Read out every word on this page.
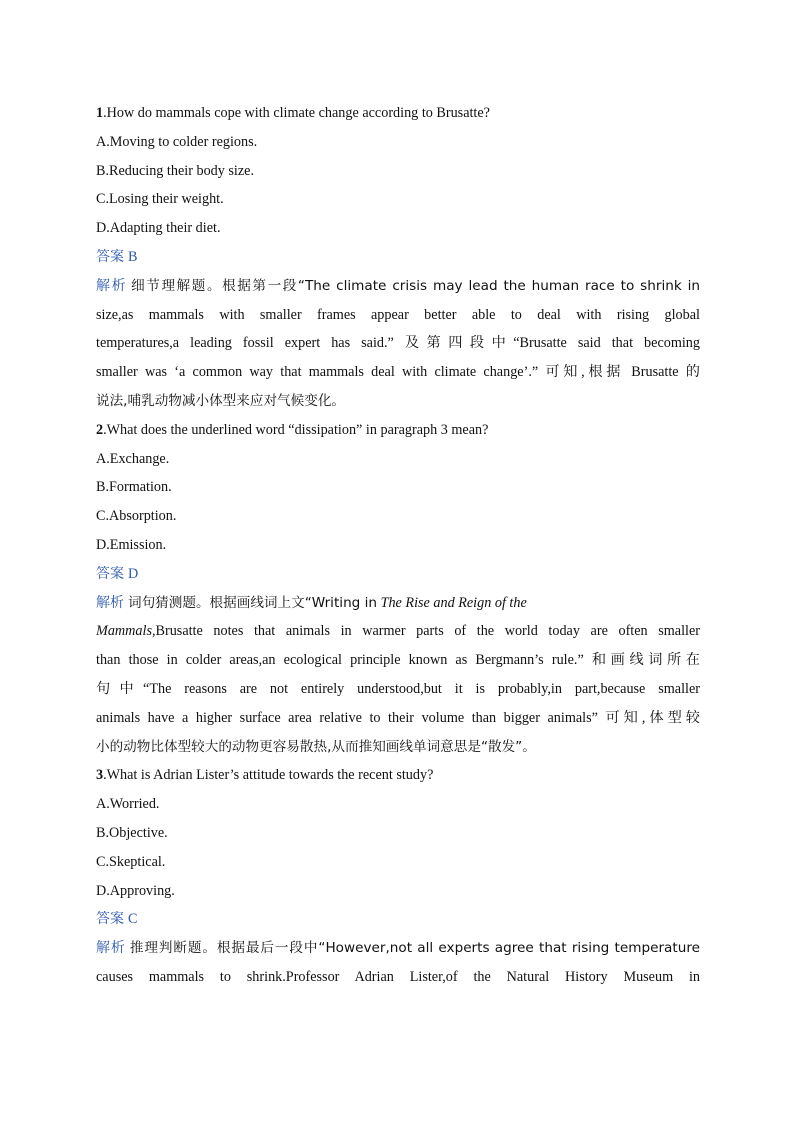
1.How do mammals cope with climate change according to Brusatte?
A.Moving to colder regions.
B.Reducing their body size.
C.Losing their weight.
D.Adapting their diet.
答案 B
解析 细节理解题。根据第一段“The climate crisis may lead the human race to shrink in
size,as mammals with smaller frames appear better able to deal with rising global
temperatures,a leading fossil expert has said.” 及第四段中“Brusatte said that becoming
smaller was ‘a common way that mammals deal with climate change’.” 可知,根据 Brusatte 的
说法,哺乳动物减小体型来应对气候变化。
2.What does the underlined word “dissipation” in paragraph 3 mean?
A.Exchange.
B.Formation.
C.Absorption.
D.Emission.
答案 D
解析 词句猜测题。根据画线词上文“Writing in The Rise and Reign of the
Mammals,Brusatte notes that animals in warmer parts of the world today are often smaller
than those in colder areas,an ecological principle known as Bergmann’s rule.” 和画线词所在
句中“The reasons are not entirely understood,but it is probably,in part,because smaller
animals have a higher surface area relative to their volume than bigger animals” 可知,体型较
小的动物比体型较大的动物更容易散热,从而推知画线单词意思是“散发”。
3.What is Adrian Lister’s attitude towards the recent study?
A.Worried.
B.Objective.
C.Skeptical.
D.Approving.
答案 C
解析 推理判断题。根据最后一段中“However,not all experts agree that rising temperature
causes mammals to shrink.Professor Adrian Lister,of the Natural History Museum in
